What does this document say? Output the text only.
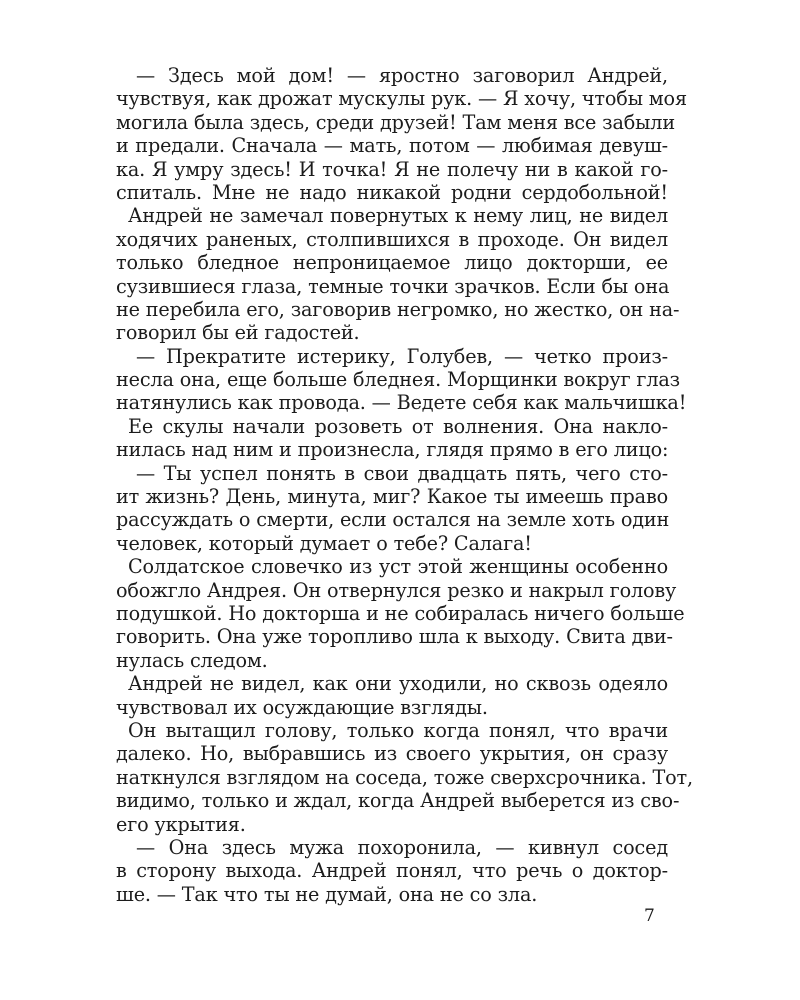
— Здесь мой дом! — яростно заговорил Андрей,
чувствуя, как дрожат мускулы рук. — Я хочу, чтобы моя
могила была здесь, среди друзей! Там меня все забыли
и предали. Сначала — мать, потом — любимая девуш-
ка. Я умру здесь! И точка! Я не полечу ни в какой го-
спиталь. Мне не надо никакой родни сердобольной!
Андрей не замечал повернутых к нему лиц, не видел
ходячих раненых, столпившихся в проходе. Он видел
только бледное непроницаемое лицо докторши, ее
сузившиеся глаза, темные точки зрачков. Если бы она
не перебила его, заговорив негромко, но жестко, он на-
говорил бы ей гадостей.
— Прекратите истерику, Голубев, — четко произ-
несла она, еще больше бледнея. Морщинки вокруг глаз
натянулись как провода. — Ведете себя как мальчишка!
Ее скулы начали розоветь от волнения. Она накло-
нилась над ним и произнесла, глядя прямо в его лицо:
— Ты успел понять в свои двадцать пять, чего сто-
ит жизнь? День, минута, миг? Какое ты имеешь право
рассуждать о смерти, если остался на земле хоть один
человек, который думает о тебе? Салага!
Солдатское словечко из уст этой женщины особенно
обожгло Андрея. Он отвернулся резко и накрыл голову
подушкой. Но докторша и не собиралась ничего больше
говорить. Она уже торопливо шла к выходу. Свита дви-
нулась следом.
Андрей не видел, как они уходили, но сквозь одеяло
чувствовал их осуждающие взгляды.
Он вытащил голову, только когда понял, что врачи
далеко. Но, выбравшись из своего укрытия, он сразу
наткнулся взглядом на соседа, тоже сверхсрочника. Тот,
видимо, только и ждал, когда Андрей выберется из сво-
его укрытия.
— Она здесь мужа похоронила, — кивнул сосед
в сторону выхода. Андрей понял, что речь о доктор-
ше. — Так что ты не думай, она не со зла.
7
